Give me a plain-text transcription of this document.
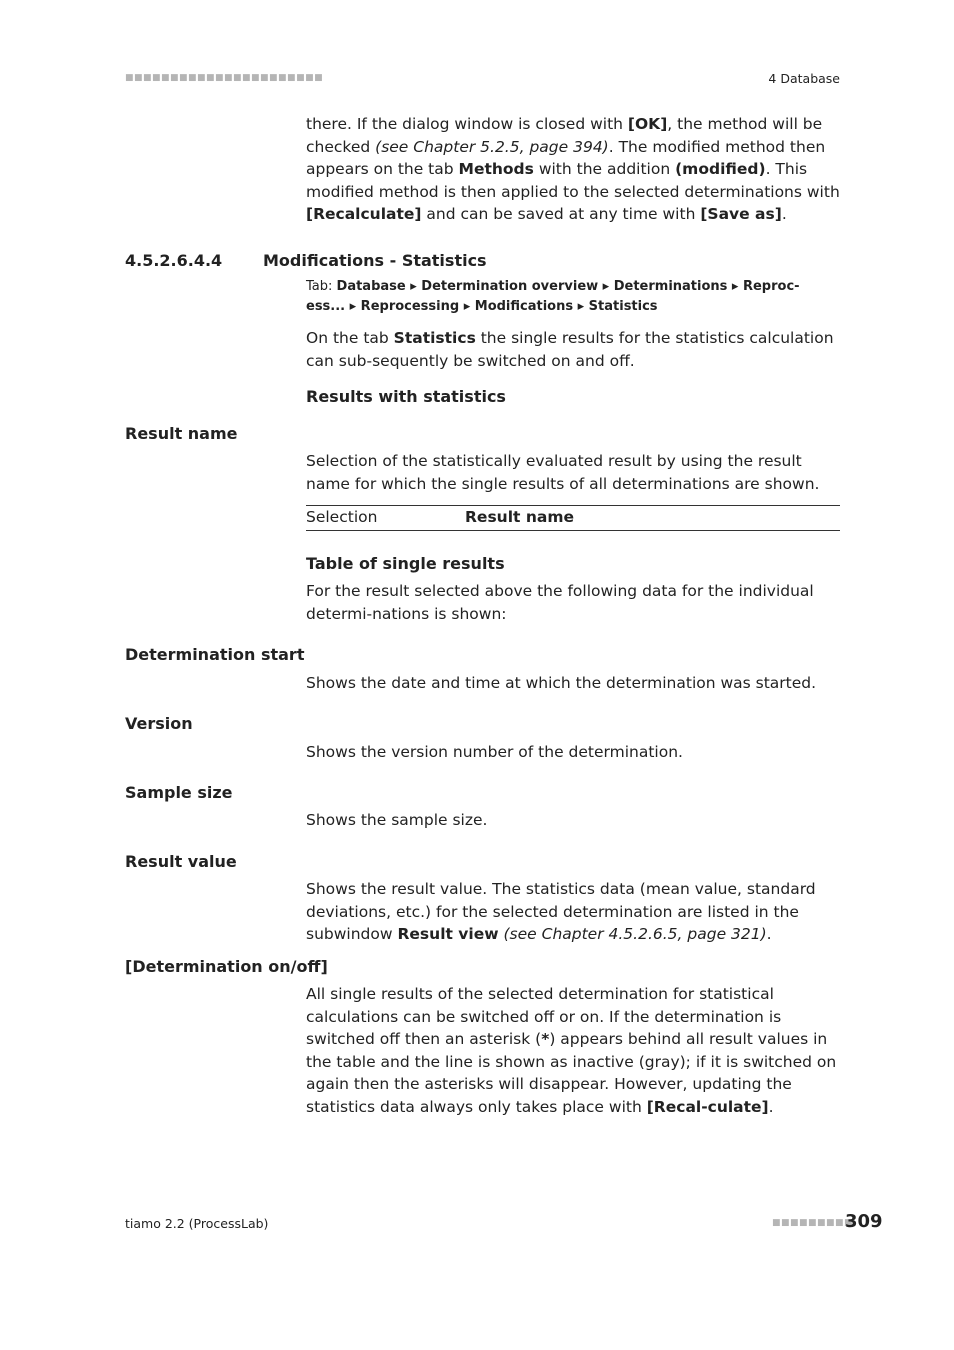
■■■■■■■■■■■■■■■■■■■■■■	4 Database

there. If the dialog window is closed with [OK], the method will be checked (see Chapter 5.2.5, page 394). The modified method then appears on the tab Methods with the addition (modified). This modified method is then applied to the selected determinations with [Recalculate] and can be saved at any time with [Save as].

4.5.2.6.4.4	Modifications - Statistics
Tab: Database ▸ Determination overview ▸ Determinations ▸ Reproc-
ess... ▸ Reprocessing ▸ Modifications ▸ Statistics

On the tab Statistics the single results for the statistics calculation can sub-sequently be switched on and off.

Results with statistics
Result name

Selection of the statistically evaluated result by using the result name for which the single results of all determinations are shown.

Selection	Result name
Table of single results

For the result selected above the following data for the individual determi-nations is shown:

Determination start

Shows the date and time at which the determination was started.

Version

Shows the version number of the determination.

Sample size

Shows the sample size.

Result value

Shows the result value. The statistics data (mean value, standard deviations, etc.) for the selected determination are listed in the subwindow Result view (see Chapter 4.5.2.6.5, page 321).

[Determination on/off]

All single results of the selected determination for statistical calculations can be switched off or on. If the determination is switched off then an asterisk (*) appears behind all result values in the table and the line is shown as inactive (gray); if it is switched on again then the asterisks will disappear. However, updating the statistics data always only takes place with [Recal-culate].

tiamo 2.2 (ProcessLab)	■■■■■■■■■
309
